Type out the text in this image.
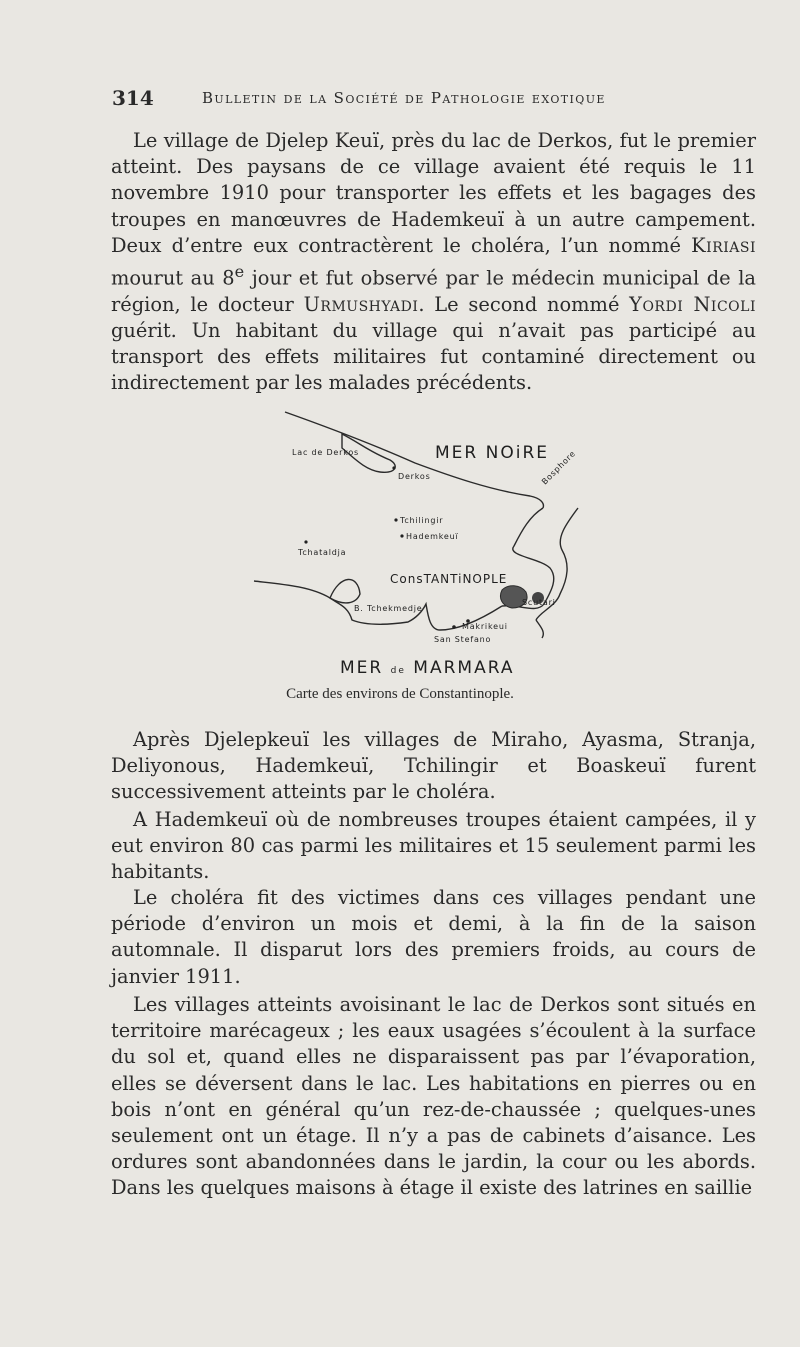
314	Bulletin de la Société de Pathologie exotique

Le village de Djelep Keuï, près du lac de Derkos, fut le premier atteint. Des paysans de ce village avaient été requis le 11 novembre 1910 pour transporter les effets et les bagages des troupes en manœuvres de Hademkeuï à un autre campement. Deux d’entre eux contractèrent le choléra, l’un nommé Kiriasi mourut au 8e jour et fut observé par le médecin municipal de la région, le docteur Urmushyadi. Le second nommé Yordi Nicoli guérit. Un habitant du village qui n’avait pas participé au transport des effets militaires fut contaminé directement ou indirectement par les malades précédents.

Lac de Derkos	MER NOiRE
Derkos	Bosphore
Tchilingir
Hademkeuï
Tchataldja
ConsTANTiNOPLE
Scutari
B. Tchekmedje
Makrikeui
San Stefano
MER de MARMARA
Carte des environs de Constantinople.

Après Djelepkeuï les villages de Miraho, Ayasma, Stranja, Deliyonous, Hademkeuï, Tchilingir et Boaskeuï furent successivement atteints par le choléra.

A Hademkeuï où de nombreuses troupes étaient campées, il y eut environ 80 cas parmi les militaires et 15 seulement parmi les habitants.

Le choléra fit des victimes dans ces villages pendant une période d’environ un mois et demi, à la fin de la saison automnale. Il disparut lors des premiers froids, au cours de janvier 1911.

Les villages atteints avoisinant le lac de Derkos sont situés en territoire marécageux ; les eaux usagées s’écoulent à la surface du sol et, quand elles ne disparaissent pas par l’évaporation, elles se déversent dans le lac. Les habitations en pierres ou en bois n’ont en général qu’un rez-de-chaussée ; quelques-unes seulement ont un étage. Il n’y a pas de cabinets d’aisance. Les ordures sont abandonnées dans le jardin, la cour ou les abords. Dans les quelques maisons à étage il existe des latrines en saillie
